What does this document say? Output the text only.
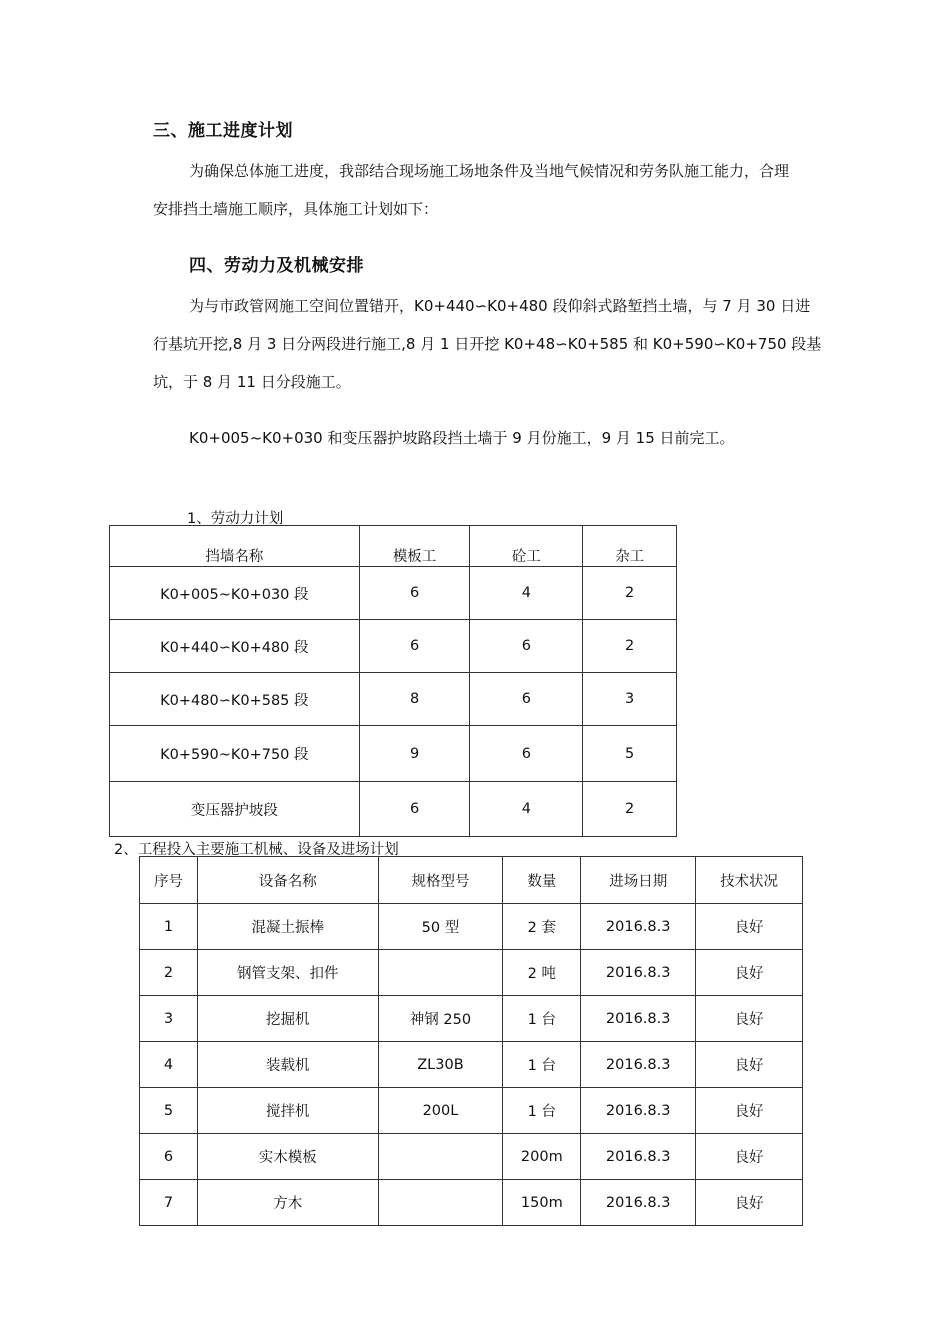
三、施工进度计划
为确保总体施工进度，我部结合现场施工场地条件及当地气候情况和劳务队施工能力，合理
安排挡土墙施工顺序，具体施工计划如下：
四、劳动力及机械安排
为与市政管网施工空间位置错开，K0+440∽K0+480 段仰斜式路堑挡土墙，与 7 月 30 日进
行基坑开挖,8 月 3 日分两段进行施工,8 月 1 日开挖 K0+48∽K0+585 和 K0+590∽K0+750 段基
坑，于 8 月 11 日分段施工。
K0+005~K0+030 和变压器护坡路段挡土墙于 9 月份施工，9 月 15 日前完工。
1、劳动力计划
挡墙名称	模板工	砼工	杂工
K0+005~K0+030 段	6	4	2
K0+440∽K0+480 段	6	6	2
K0+480∽K0+585 段	8	6	3
K0+590~K0+750 段	9	6	5
变压器护坡段	6	4	2
2、工程投入主要施工机械、设备及进场计划
序号	设备名称	规格型号	数量	进场日期	技术状况
1	混凝土振棒	50 型	2 套	2016.8.3	良好
2	钢管支架、扣件		2 吨	2016.8.3	良好
3	挖掘机	神钢 250	1 台	2016.8.3	良好
4	装载机	ZL30B	1 台	2016.8.3	良好
5	搅拌机	200L	1 台	2016.8.3	良好
6	实木模板		200m	2016.8.3	良好
7	方木		150m	2016.8.3	良好
